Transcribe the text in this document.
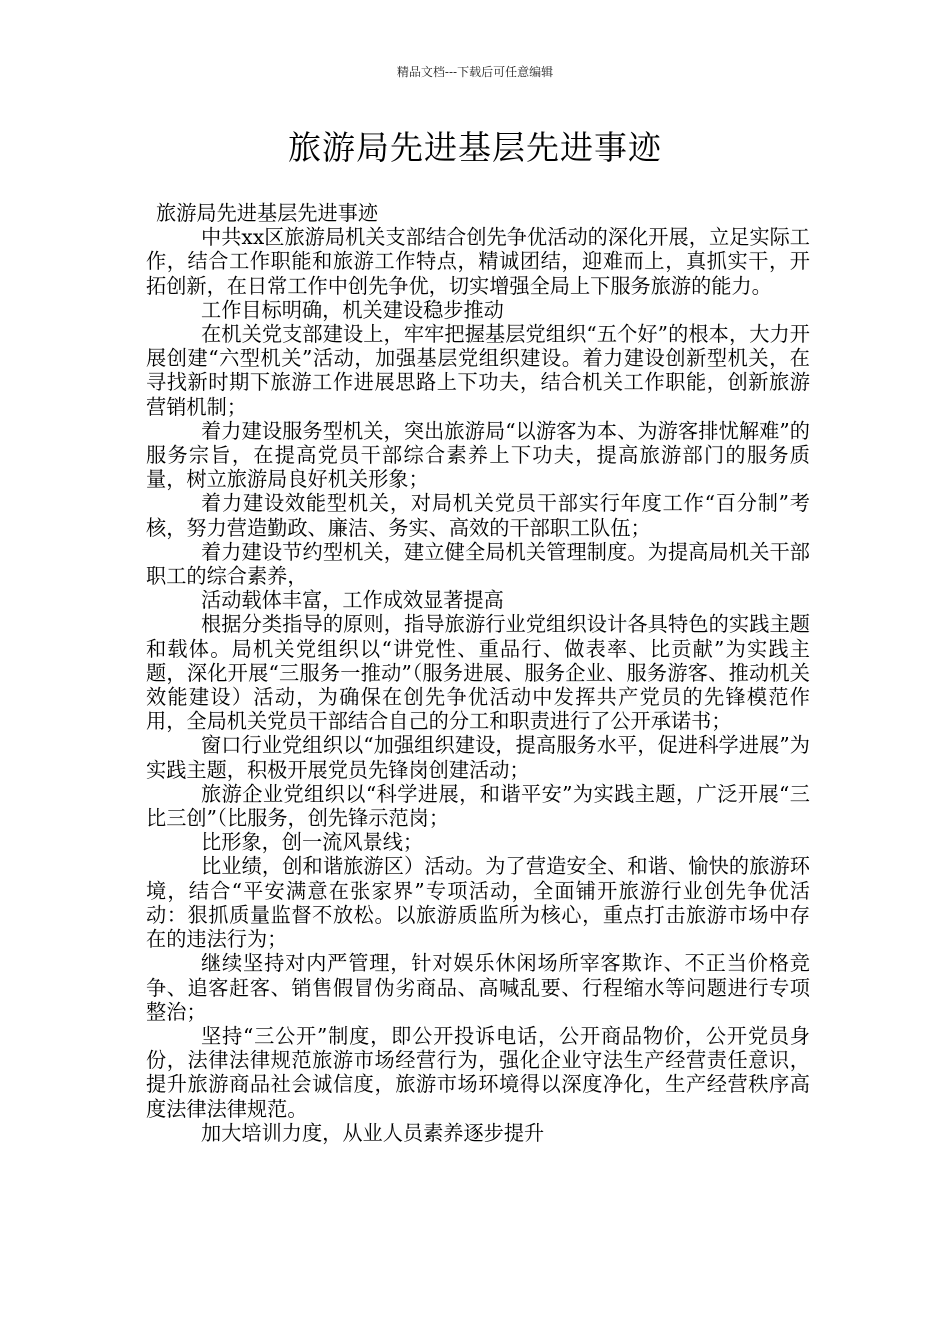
精品文档---下载后可任意编辑
旅游局先进基层先进事迹

旅游局先进基层先进事迹

中共xx区旅游局机关支部结合创先争优活动的深化开展，立足实际工作，结合工作职能和旅游工作特点，精诚团结，迎难而上，真抓实干，开拓创新，在日常工作中创先争优，切实增强全局上下服务旅游的能力。

工作目标明确，机关建设稳步推动

在机关党支部建设上，牢牢把握基层党组织“五个好”的根本，大力开展创建“六型机关”活动，加强基层党组织建设。着力建设创新型机关，在寻找新时期下旅游工作进展思路上下功夫，结合机关工作职能，创新旅游营销机制；

着力建设服务型机关，突出旅游局“以游客为本、为游客排忧解难”的服务宗旨，在提高党员干部综合素养上下功夫，提高旅游部门的服务质量，树立旅游局良好机关形象；

着力建设效能型机关，对局机关党员干部实行年度工作“百分制”考核，努力营造勤政、廉洁、务实、高效的干部职工队伍；

着力建设节约型机关，建立健全局机关管理制度。为提高局机关干部职工的综合素养，

活动载体丰富，工作成效显著提高

根据分类指导的原则，指导旅游行业党组织设计各具特色的实践主题和载体。局机关党组织以“讲党性、重品行、做表率、比贡献”为实践主题，深化开展“三服务一推动”（服务进展、服务企业、服务游客、推动机关效能建设）活动，为确保在创先争优活动中发挥共产党员的先锋模范作用，全局机关党员干部结合自己的分工和职责进行了公开承诺书；

窗口行业党组织以“加强组织建设，提高服务水平，促进科学进展”为实践主题，积极开展党员先锋岗创建活动；

旅游企业党组织以“科学进展，和谐平安”为实践主题，广泛开展“三比三创”（比服务，创先锋示范岗；

比形象，创一流风景线；

比业绩，创和谐旅游区）活动。为了营造安全、和谐、愉快的旅游环境，结合“平安满意在张家界”专项活动，全面铺开旅游行业创先争优活动：狠抓质量监督不放松。以旅游质监所为核心，重点打击旅游市场中存在的违法行为；

继续坚持对内严管理，针对娱乐休闲场所宰客欺诈、不正当价格竞争、追客赶客、销售假冒伪劣商品、高喊乱要、行程缩水等问题进行专项整治；

坚持“三公开”制度，即公开投诉电话，公开商品物价，公开党员身份，法律法律规范旅游市场经营行为，强化企业守法生产经营责任意识，提升旅游商品社会诚信度，旅游市场环境得以深度净化，生产经营秩序高度法律法律规范。

加大培训力度，从业人员素养逐步提升
